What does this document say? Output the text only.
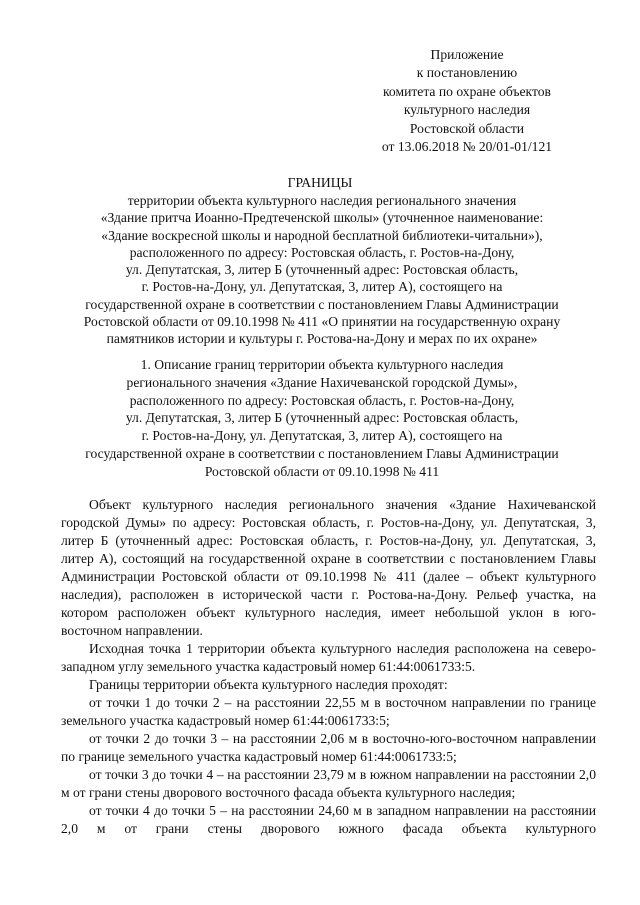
Приложение
к постановлению
комитета по охране объектов
культурного наследия
Ростовской области
от 13.06.2018 № 20/01-01/121
ГРАНИЦЫ
территории объекта культурного наследия регионального значения
«Здание притча Иоанно-Предтеченской школы» (уточненное наименование:
«Здание воскресной школы и народной бесплатной библиотеки-читальни»),
расположенного по адресу: Ростовская область, г. Ростов-на-Дону,
ул. Депутатская, 3, литер Б (уточненный адрес: Ростовская область,
г. Ростов-на-Дону, ул. Депутатская, 3, литер А), состоящего на
государственной охране в соответствии с постановлением Главы Администрации
Ростовской области от 09.10.1998 № 411 «О принятии на государственную охрану
памятников истории и культуры г. Ростова-на-Дону и мерах по их охране»
1. Описание границ территории объекта культурного наследия
регионального значения «Здание Нахичеванской городской Думы»,
расположенного по адресу: Ростовская область, г. Ростов-на-Дону,
ул. Депутатская, 3, литер Б (уточненный адрес: Ростовская область,
г. Ростов-на-Дону, ул. Депутатская, 3, литер А), состоящего на
государственной охране в соответствии с постановлением Главы Администрации
Ростовской области от 09.10.1998 № 411

Объект культурного наследия регионального значения «Здание Нахичеванской городской Думы» по адресу: Ростовская область, г. Ростов-на-Дону, ул. Депутатская, 3, литер Б (уточненный адрес: Ростовская область, г. Ростов-на-Дону, ул. Депутатская, 3, литер А), состоящий на государственной охране в соответствии с постановлением Главы Администрации Ростовской области от 09.10.1998 № 411 (далее – объект культурного наследия), расположен в исторической части г. Ростова-на-Дону. Рельеф участка, на котором расположен объект культурного наследия, имеет небольшой уклон в юго-восточном направлении.

Исходная точка 1 территории объекта культурного наследия расположена на северо-западном углу земельного участка кадастровый номер 61:44:0061733:5.

Границы территории объекта культурного наследия проходят:

от точки 1 до точки 2 – на расстоянии 22,55 м в восточном направлении по границе земельного участка кадастровый номер 61:44:0061733:5;

от точки 2 до точки 3 – на расстоянии 2,06 м в восточно-юго-восточном направлении по границе земельного участка кадастровый номер 61:44:0061733:5;

от точки 3 до точки 4 – на расстоянии 23,79 м в южном направлении на расстоянии 2,0 м от грани стены дворового восточного фасада объекта культурного наследия;

от точки 4 до точки 5 – на расстоянии 24,60 м в западном направлении на расстоянии 2,0 м от грани стены дворового южного фасада объекта культурного
